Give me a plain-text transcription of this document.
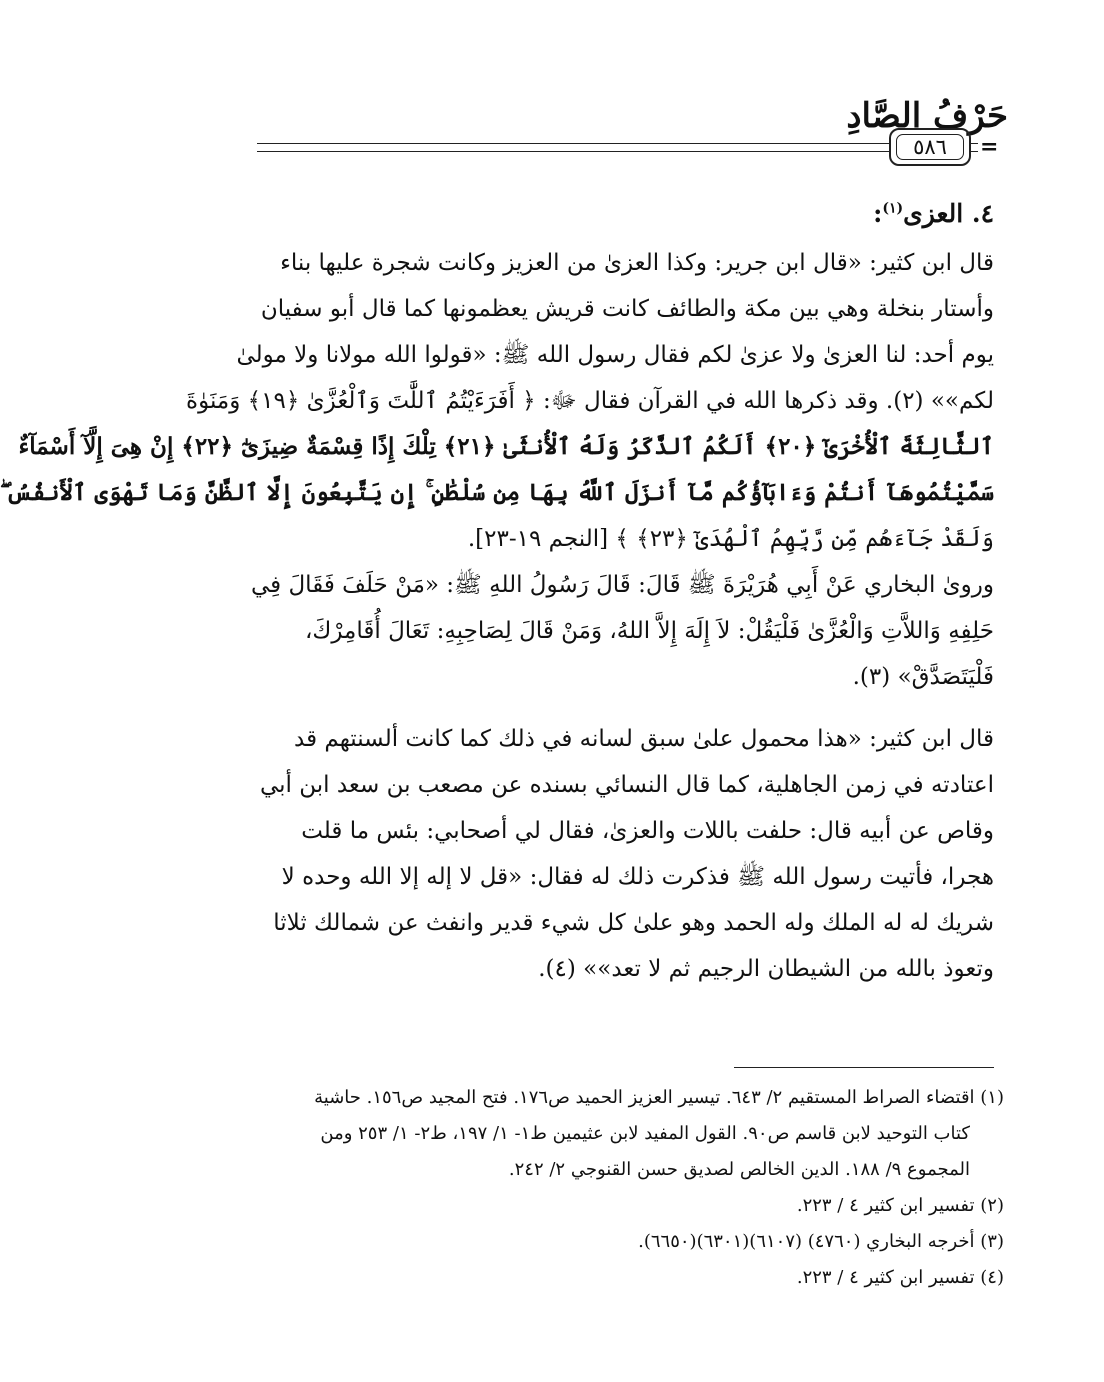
حَرْفُ الصَّادِ
٥٨٦	=
٤. العزى$^{(١)}$:
قال ابن كثير: «قال ابن جرير: وكذا العزىٰ من العزيز وكانت شجرة عليها بناء
وأستار بنخلة وهي بين مكة والطائف كانت قريش يعظمونها كما قال أبو سفيان
يوم أحد: لنا العزىٰ ولا عزىٰ لكم فقال رسول الله ﷺ: «قولوا الله مولانا ولا مولىٰ
لكم»» (٢). وقد ذكرها الله في القرآن فقال ﷻ: ﴿ أَفَرَءَيْتُمُ ٱللَّٰتَ وَٱلْعُزَّىٰ ﴿١٩﴾ وَمَنَوٰةَ
ٱلثَّالِثَةَ ٱلْأُخْرَىٰٓ ﴿٢٠﴾ أَلَكُمُ ٱلذَّكَرُ وَلَهُ ٱلْأُنثَىٰ ﴿٢١﴾ تِلْكَ إِذًا قِسْمَةٌ ضِيزَىٰٓ ﴿٢٢﴾ إِنْ هِىَ إِلَّآ أَسْمَآءٌ
سَمَّيْتُمُوهَآ أَنتُمْ وَءَابَآؤُكُم مَّآ أَنزَلَ ٱللَّهُ بِهَا مِن سُلْطَٰنٍ ۚ إِن يَتَّبِعُونَ إِلَّا ٱلظَّنَّ وَمَا تَهْوَى ٱلْأَنفُسُ ۖ
وَلَقَدْ جَآءَهُم مِّن رَّبِّهِمُ ٱلْهُدَىٰٓ ﴿٢٣﴾ ﴾ [النجم ١٩-٢٣].
وروىٰ البخاري عَنْ أَبِي هُرَيْرَةَ ﷺ قَالَ: قَالَ رَسُولُ اللهِ ﷺ: «مَنْ حَلَفَ فَقَالَ فِي
حَلِفِهِ وَاللاَّتِ وَالْعُزَّىٰ فَلْيَقُلْ: لاَ إِلَهَ إِلاَّ اللهُ، وَمَنْ قَالَ لِصَاحِبِهِ: تَعَالَ أُقَامِرْكَ،
فَلْيَتَصَدَّقْ» (٣).
قال ابن كثير: «هذا محمول علىٰ سبق لسانه في ذلك كما كانت ألسنتهم قد
اعتادته في زمن الجاهلية، كما قال النسائي بسنده عن مصعب بن سعد ابن أبي
وقاص عن أبيه قال: حلفت باللات والعزىٰ، فقال لي أصحابي: بئس ما قلت
هجرا، فأتيت رسول الله ﷺ فذكرت ذلك له فقال: «قل لا إله إلا الله وحده لا
شريك له له الملك وله الحمد وهو علىٰ كل شيء قدير وانفث عن شمالك ثلاثا
وتعوذ بالله من الشيطان الرجيم ثم لا تعد»» (٤).
(١) اقتضاء الصراط المستقيم ٢/ ٦٤٣. تيسير العزيز الحميد ص١٧٦. فتح المجيد ص١٥٦. حاشية
كتاب التوحيد لابن قاسم ص٩٠. القول المفيد لابن عثيمين ط١- ١/ ١٩٧، ط٢- ١/ ٢٥٣ ومن
المجموع ٩/ ١٨٨. الدين الخالص لصديق حسن القنوجي ٢/ ٢٤٢.
(٢) تفسير ابن كثير ٤ / ٢٢٣.
(٣) أخرجه البخاري (٤٧٦٠) (٦١٠٧)(٦٣٠١)(٦٦٥٠).
(٤) تفسير ابن كثير ٤ / ٢٢٣.
